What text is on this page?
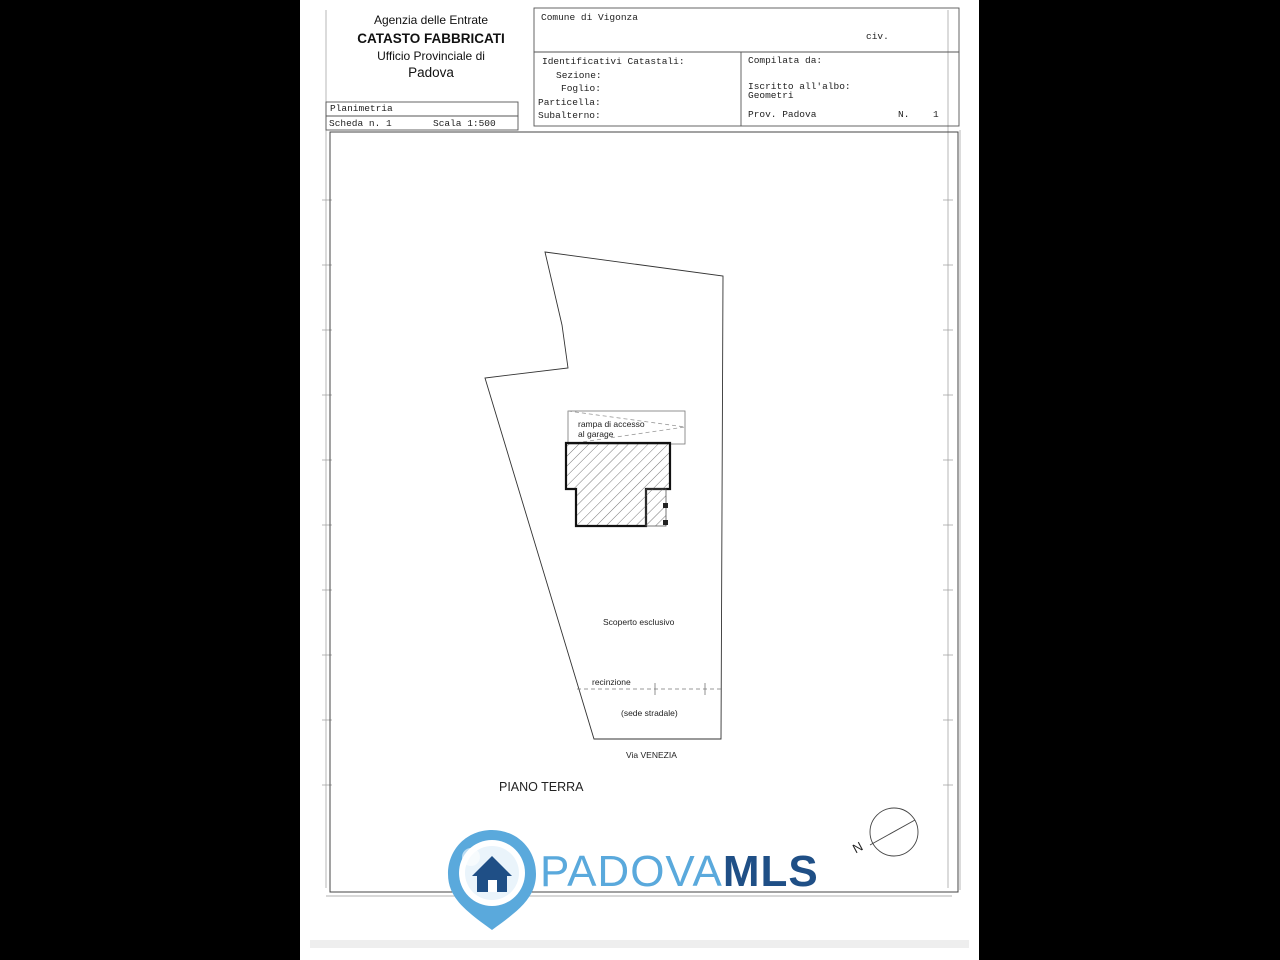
Agenzia delle Entrate
CATASTO FABBRICATI
Ufficio Provinciale di
Padova
Comune di Vigonza
civ.
Identificativi Catastali:
Sezione:
Foglio:
Particella:
Subalterno:
Compilata da:
Iscritto all'albo:
Geometri
Prov. Padova	N. 1
Planimetria
Scheda n. 1	Scala 1:500
rampa di accesso
al garage
Scoperto esclusivo
recinzione
(sede stradale)
Via VENEZIA
PIANO TERRA
N
PADOVAMLS
